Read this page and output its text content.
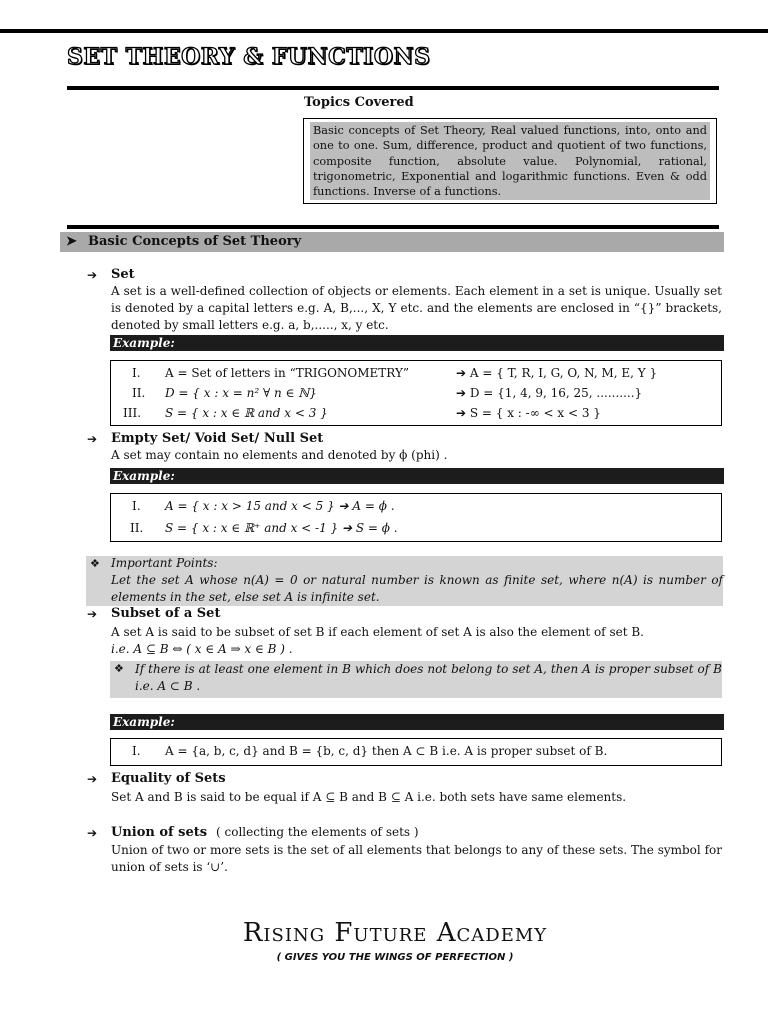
SET THEORY & FUNCTIONS
Topics Covered
Basic concepts of Set Theory, Real valued functions, into, onto and one to one. Sum, difference, product and quotient of two functions, composite function, absolute value. Polynomial, rational, trigonometric, Exponential and logarithmic functions. Even & odd functions. Inverse of a functions.
➤ Basic Concepts of Set Theory
➔ Set
A set is a well-defined collection of objects or elements. Each element in a set is unique. Usually set is denoted by a capital letters e.g. A, B,..., X, Y etc. and the elements are enclosed in “{}” brackets, denoted by small letters e.g. a, b,....., x, y etc.
Example:
I. A = Set of letters in “TRIGONOMETRY”	➔ A = { T, R, I, G, O, N, M, E, Y }
II. D = { x : x = n² ∀ n ∈ ℕ}	➔ D = {1, 4, 9, 16, 25, ..........}
III. S = { x : x ∈ ℝ and x < 3 }	➔ S = { x : -∞ < x < 3 }
➔ Empty Set/ Void Set/ Null Set
A set may contain no elements and denoted by ϕ (phi) .
Example:
I. A = { x : x > 15 and x < 5 } ➔ A = ϕ .
II. S = { x : x ∈ ℝ⁺ and x < -1 } ➔ S = ϕ .
❖ Important Points:
Let the set A whose n(A) = 0 or natural number is known as finite set, where n(A) is number of elements in the set, else set A is infinite set.
➔ Subset of a Set
A set A is said to be subset of set B if each element of set A is also the element of set B.
i.e. A ⊆ B ⇔ ( x ∈ A ⇒ x ∈ B ) .
❖ If there is at least one element in B which does not belong to set A, then A is proper subset of B i.e. A ⊂ B .
Example:
I. A = {a, b, c, d} and B = {b, c, d} then A ⊂ B i.e. A is proper subset of B.
➔ Equality of Sets
Set A and B is said to be equal if A ⊆ B and B ⊆ A i.e. both sets have same elements.
➔ Union of sets ( collecting the elements of sets )
Union of two or more sets is the set of all elements that belongs to any of these sets. The symbol for union of sets is ‘∪’.
Rising Future Academy
( GIVES YOU THE WINGS OF PERFECTION )
